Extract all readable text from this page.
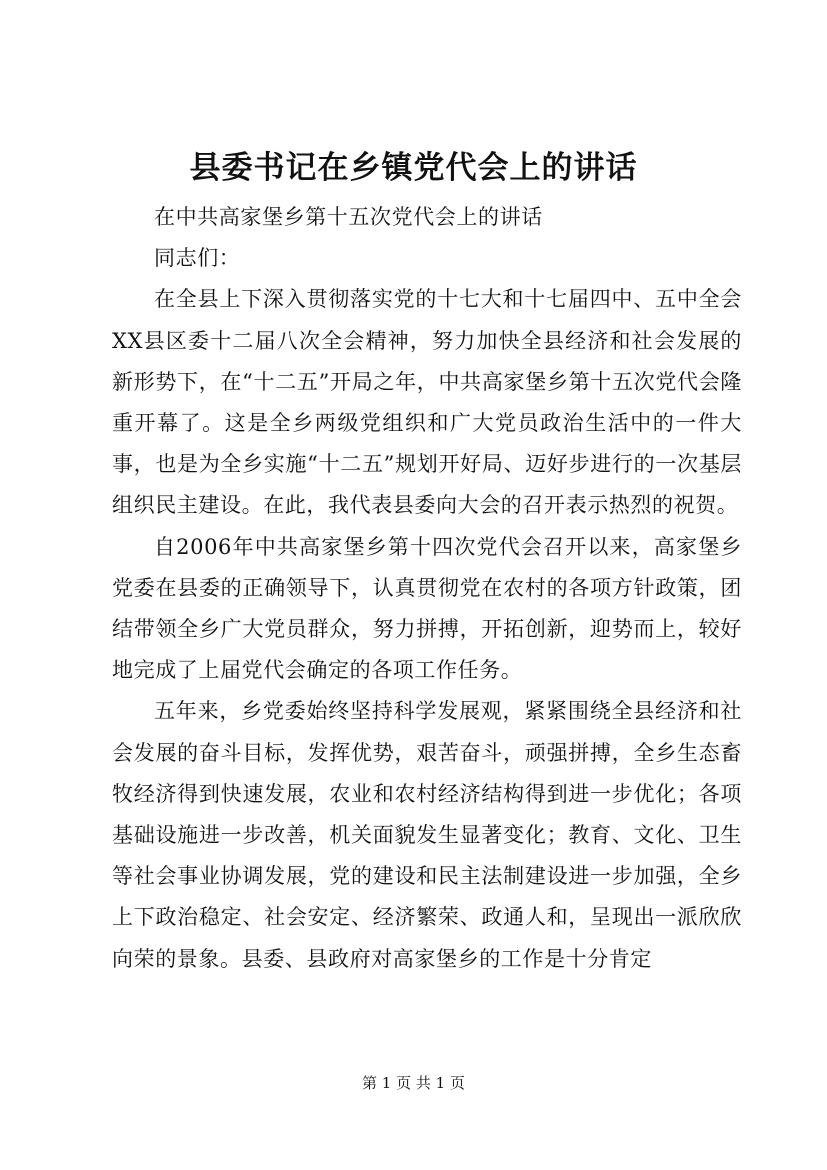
县委书记在乡镇党代会上的讲话

在中共高家堡乡第十五次党代会上的讲话

同志们：

在全县上下深入贯彻落实党的十七大和十七届四中、五中全会XX县区委十二届八次全会精神，努力加快全县经济和社会发展的新形势下，在“十二五”开局之年，中共高家堡乡第十五次党代会隆重开幕了。这是全乡两级党组织和广大党员政治生活中的一件大事，也是为全乡实施“十二五”规划开好局、迈好步进行的一次基层组织民主建设。在此，我代表县委向大会的召开表示热烈的祝贺。

自2006年中共高家堡乡第十四次党代会召开以来，高家堡乡党委在县委的正确领导下，认真贯彻党在农村的各项方针政策，团结带领全乡广大党员群众，努力拼搏，开拓创新，迎势而上，较好地完成了上届党代会确定的各项工作任务。

五年来，乡党委始终坚持科学发展观，紧紧围绕全县经济和社会发展的奋斗目标，发挥优势，艰苦奋斗，顽强拼搏，全乡生态畜牧经济得到快速发展，农业和农村经济结构得到进一步优化；各项基础设施进一步改善，机关面貌发生显著变化；教育、文化、卫生等社会事业协调发展，党的建设和民主法制建设进一步加强，全乡上下政治稳定、社会安定、经济繁荣、政通人和，呈现出一派欣欣向荣的景象。县委、县政府对高家堡乡的工作是十分肯定

第 1 页 共 1 页
